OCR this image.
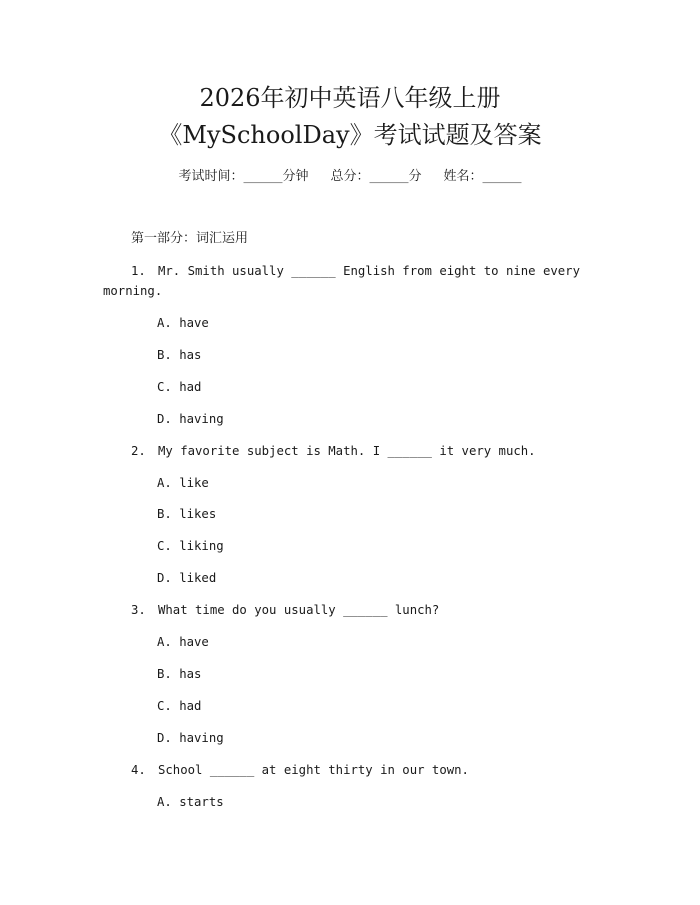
2026年初中英语八年级上册
《MySchoolDay》考试试题及答案
考试时间：______分钟 总分：______分 姓名：______
第一部分：词汇运用
1. Mr. Smith usually ______ English from eight to nine every
morning.
A. have
B. has
C. had
D. having
2. My favorite subject is Math. I ______ it very much.
A. like
B. likes
C. liking
D. liked
3. What time do you usually ______ lunch?
A. have
B. has
C. had
D. having
4. School ______ at eight thirty in our town.
A. starts
